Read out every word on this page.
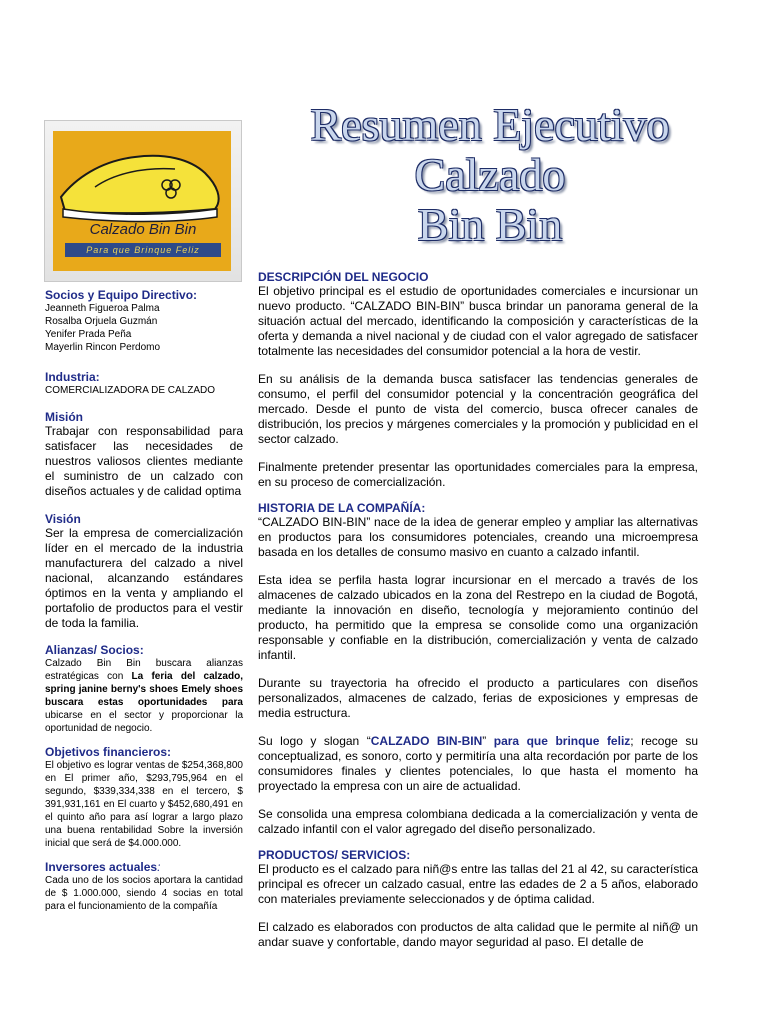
Resumen Ejecutivo
Calzado
Bin Bin
Calzado Bin Bin
Para que Brinque Feliz

Socios y Equipo Directivo:

Jeanneth Figueroa Palma

Rosalba Orjuela Guzmán

Yenifer Prada Peña

Mayerlin Rincon Perdomo

Industria:

COMERCIALIZADORA DE CALZADO

Misión

Trabajar con responsabilidad para satisfacer las necesidades de nuestros valiosos clientes mediante el suministro de un calzado con diseños actuales y de calidad optima

Visión

Ser la empresa de comercialización líder en el mercado de la industria manufacturera del calzado a nivel nacional, alcanzando estándares óptimos en la venta y ampliando el portafolio de productos para el vestir de toda la familia.

Alianzas/ Socios:

Calzado Bin Bin buscara alianzas estratégicas con La feria del calzado, spring janine berny's shoes Emely shoes buscara estas oportunidades para ubicarse en el sector y proporcionar la oportunidad de negocio.

Objetivos financieros:

El objetivo es lograr ventas de $254,368,800 en El primer año, $293,795,964 en el segundo, $339,334,338 en el tercero, $ 391,931,161 en El cuarto y $452,680,491 en el quinto año para así lograr a largo plazo una buena rentabilidad Sobre la inversión inicial que será de $4.000.000.

Inversores actuales:

Cada uno de los socios aportara la cantidad de $ 1.000.000, siendo 4 socias en total para el funcionamiento de la compañía

DESCRIPCIÓN DEL NEGOCIO

El objetivo principal es el estudio de oportunidades comerciales e incursionar un nuevo producto. “CALZADO BIN-BIN” busca brindar un panorama general de la situación actual del mercado, identificando la composición y características de la oferta y demanda a nivel nacional y de ciudad con el valor agregado de satisfacer totalmente las necesidades del consumidor potencial a la hora de vestir.

En su análisis de la demanda busca satisfacer las tendencias generales de consumo, el perfil del consumidor potencial y la concentración geográfica del mercado. Desde el punto de vista del comercio, busca ofrecer canales de distribución, los precios y márgenes comerciales y la promoción y publicidad en el sector calzado.

Finalmente pretender presentar las oportunidades comerciales para la empresa, en su proceso de comercialización.

HISTORIA DE LA COMPAÑÍA:

“CALZADO BIN-BIN” nace de la idea de generar empleo y ampliar las alternativas en productos para los consumidores potenciales, creando una microempresa basada en los detalles de consumo masivo en cuanto a calzado infantil.

Esta idea se perfila hasta lograr incursionar en el mercado a través de los almacenes de calzado ubicados en la zona del Restrepo en la ciudad de Bogotá, mediante la innovación en diseño, tecnología y mejoramiento continúo del producto, ha permitido que la empresa se consolide como una organización responsable y confiable en la distribución, comercialización y venta de calzado infantil.

Durante su trayectoria ha ofrecido el producto a particulares con diseños personalizados, almacenes de calzado, ferias de exposiciones y empresas de media estructura.

Su logo y slogan “CALZADO BIN-BIN” para que brinque feliz; recoge su conceptualizad, es sonoro, corto y permitiría una alta recordación por parte de los consumidores finales y clientes potenciales, lo que hasta el momento ha proyectado la empresa con un aire de actualidad.

Se consolida una empresa colombiana dedicada a la comercialización y venta de calzado infantil con el valor agregado del diseño personalizado.

PRODUCTOS/ SERVICIOS:

El producto es el calzado para niñ@s entre las tallas del 21 al 42, su característica principal es ofrecer un calzado casual, entre las edades de 2 a 5 años, elaborado con materiales previamente seleccionados y de óptima calidad.

El calzado es elaborados con productos de alta calidad que le permite al niñ@ un andar suave y confortable, dando mayor seguridad al paso. El detalle de
